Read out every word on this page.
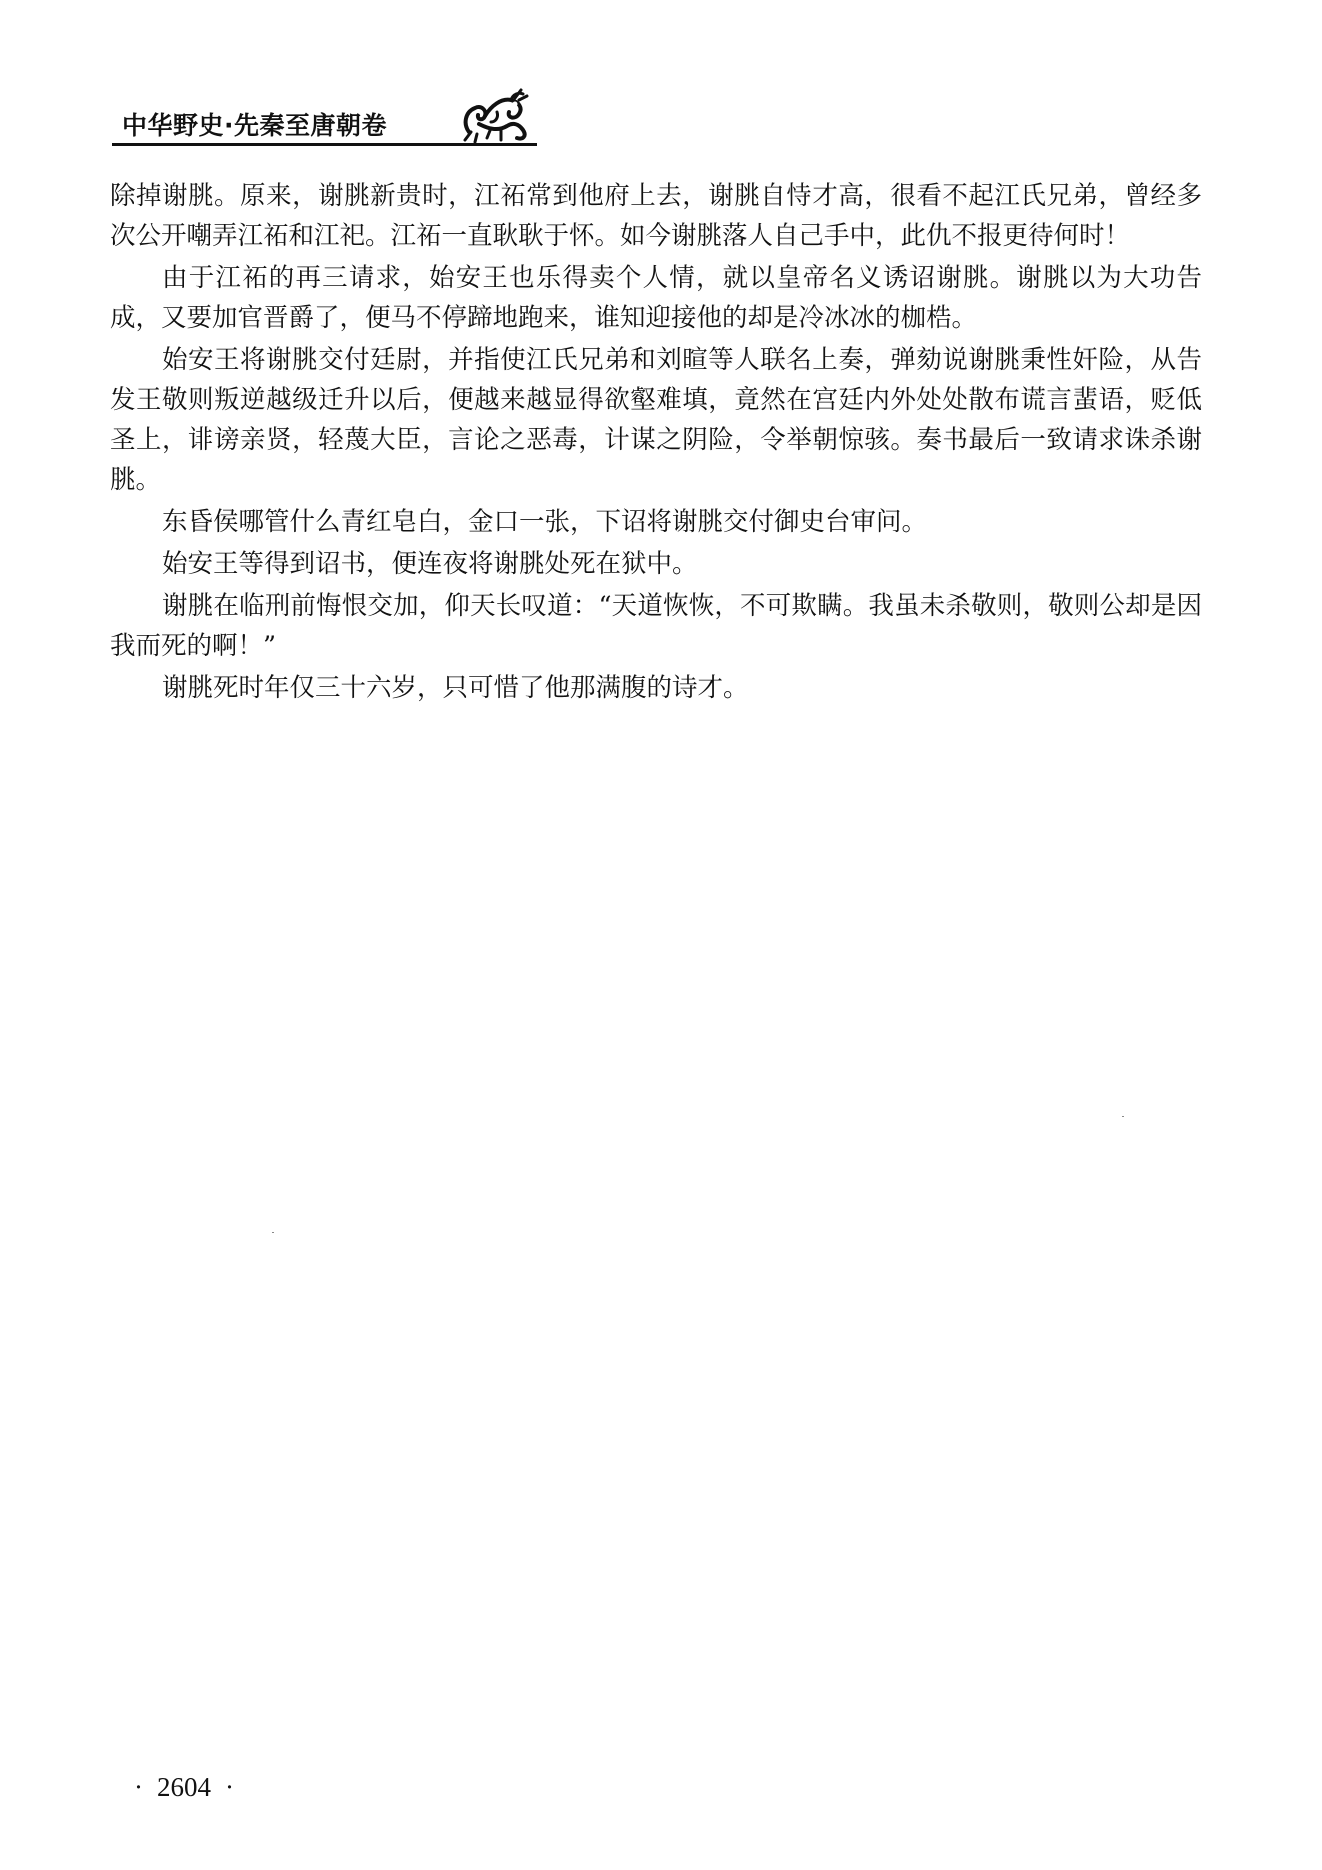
中华野史·先秦至唐朝卷

除掉谢朓。原来，谢朓新贵时，江祏常到他府上去，谢朓自恃才高，很看不起江氏兄弟，曾经多次公开嘲弄江祏和江祀。江祏一直耿耿于怀。如今谢朓落人自己手中，此仇不报更待何时！

由于江祏的再三请求，始安王也乐得卖个人情，就以皇帝名义诱诏谢朓。谢朓以为大功告成，又要加官晋爵了，便马不停蹄地跑来，谁知迎接他的却是冷冰冰的枷梏。

始安王将谢朓交付廷尉，并指使江氏兄弟和刘暄等人联名上奏，弹劾说谢朓秉性奸险，从告发王敬则叛逆越级迁升以后，便越来越显得欲壑难填，竟然在宫廷内外处处散布谎言蜚语，贬低圣上，诽谤亲贤，轻蔑大臣，言论之恶毒，计谋之阴险，令举朝惊骇。奏书最后一致请求诛杀谢朓。

东昏侯哪管什么青红皂白，金口一张，下诏将谢朓交付御史台审问。

始安王等得到诏书，便连夜将谢朓处死在狱中。

谢朓在临刑前悔恨交加，仰天长叹道：“天道恢恢，不可欺瞒。我虽未杀敬则，敬则公却是因我而死的啊！”

谢朓死时年仅三十六岁，只可惜了他那满腹的诗才。

· 2604 ·
